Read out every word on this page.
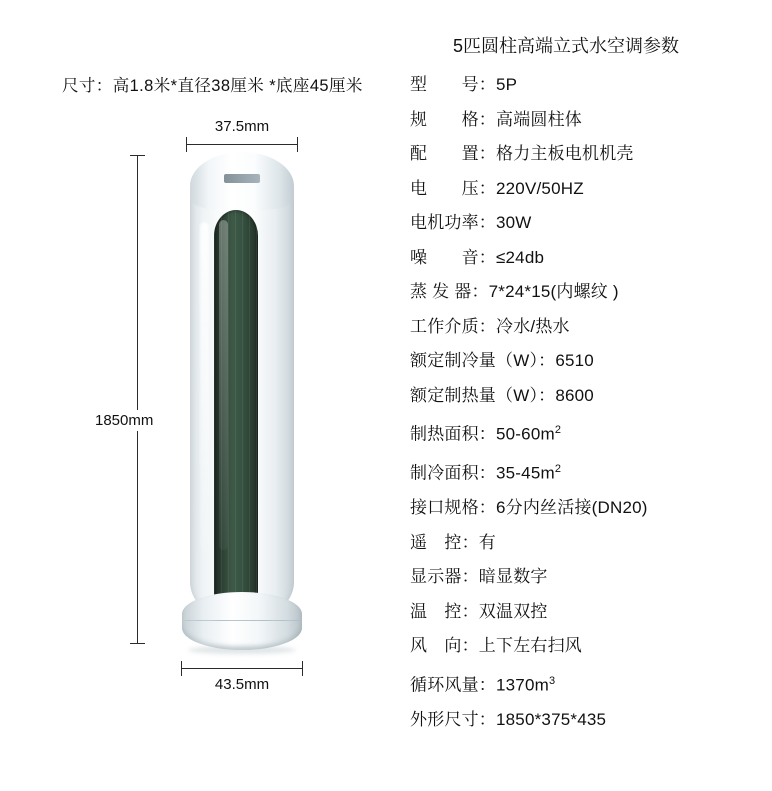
尺寸：高1.8米*直径38厘米 *底座45厘米
37.5mm
1850mm
43.5mm
5匹圆柱高端立式水空调参数
型　　号：5P
规　　格：高端圆柱体
配　　置：格力主板电机机壳
电　　压：220V/50HZ
电机功率：30W
噪　　音：≤24db
蒸 发 器：7*24*15(内螺纹 )
工作介质：冷水/热水
额定制冷量（W）：6510
额定制热量（W）：8600
制热面积：$50-60m^2$
制冷面积：$35-45m^2$
接口规格：6分内丝活接(DN20)
遥　控：有
显示器：暗显数字
温　控：双温双控
风　向：上下左右扫风
循环风量：$1370m^3$
外形尺寸：1850*375*435
